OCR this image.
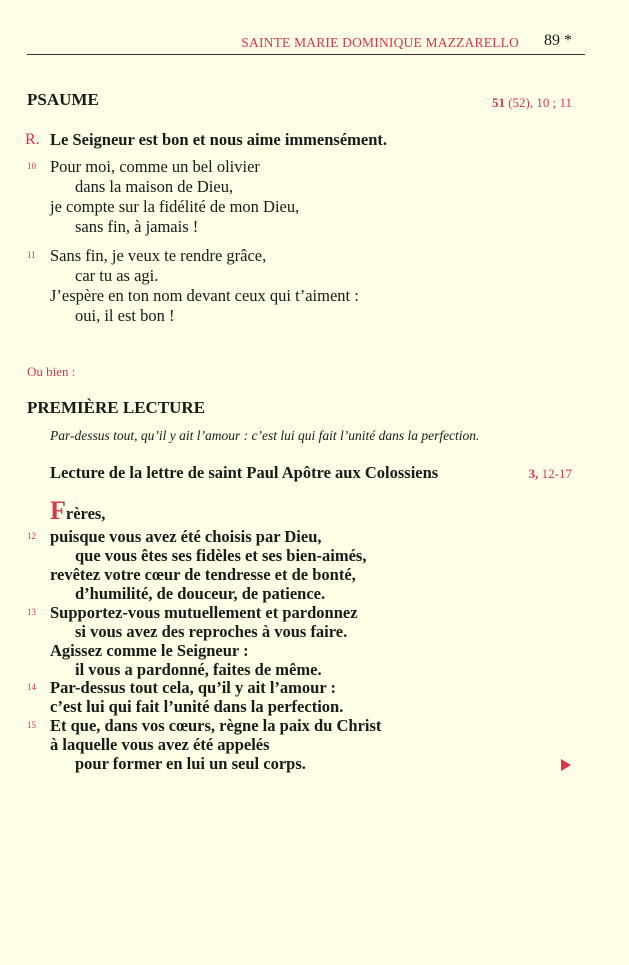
SAINTE MARIE DOMINIQUE MAZZARELLO 89 *
PSAUME	51 (52), 10 ; 11
R. Le Seigneur est bon et nous aime immensément.
10 Pour moi, comme un bel olivier
dans la maison de Dieu,
je compte sur la fidélité de mon Dieu,
sans fin, à jamais !
11 Sans fin, je veux te rendre grâce,
car tu as agi.
J’espère en ton nom devant ceux qui t’aiment :
oui, il est bon !
Ou bien :
PREMIÈRE LECTURE
Par-dessus tout, qu’il y ait l’amour : c’est lui qui fait l’unité dans la perfection.
Lecture de la lettre de saint Paul Apôtre aux Colossiens	3, 12-17
Frères,
12
13
14
15
puisque vous avez été choisis par Dieu,
que vous êtes ses fidèles et ses bien-aimés,
revêtez votre cœur de tendresse et de bonté,
d’humilité, de douceur, de patience.
Supportez-vous mutuellement et pardonnez
si vous avez des reproches à vous faire.
Agissez comme le Seigneur :
il vous a pardonné, faites de même.
Par-dessus tout cela, qu’il y ait l’amour :
c’est lui qui fait l’unité dans la perfection.
Et que, dans vos cœurs, règne la paix du Christ
à laquelle vous avez été appelés
pour former en lui un seul corps.
